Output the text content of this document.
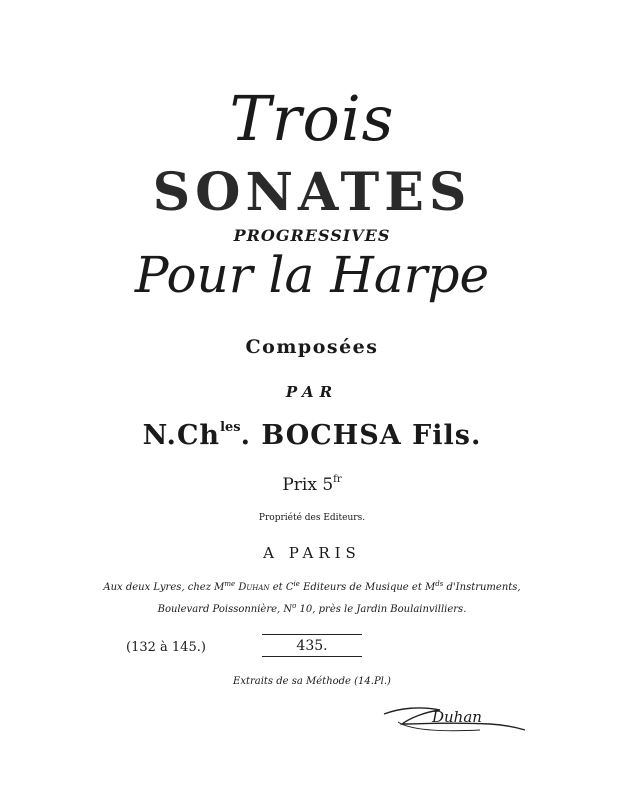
Trois
SONATES
PROGRESSIVES
Pour la Harpe
Composées
PAR
$N.Ch^{les}$. BOCHSA Fils.
Prix $5^{fr}$
Propriété des Editeurs.
A PARIS
Aux deux Lyres, chez $M^{me}$ Duhan et $C^{ie}$ Editeurs de Musique et $M^{ds}$ d'Instruments,
Boulevard Poissonnière, $N^o$ 10, près le Jardin Boulainvilliers.
(132 à 145.)	435.
Extraits de sa Méthode (14.Pl.)
Duhan
